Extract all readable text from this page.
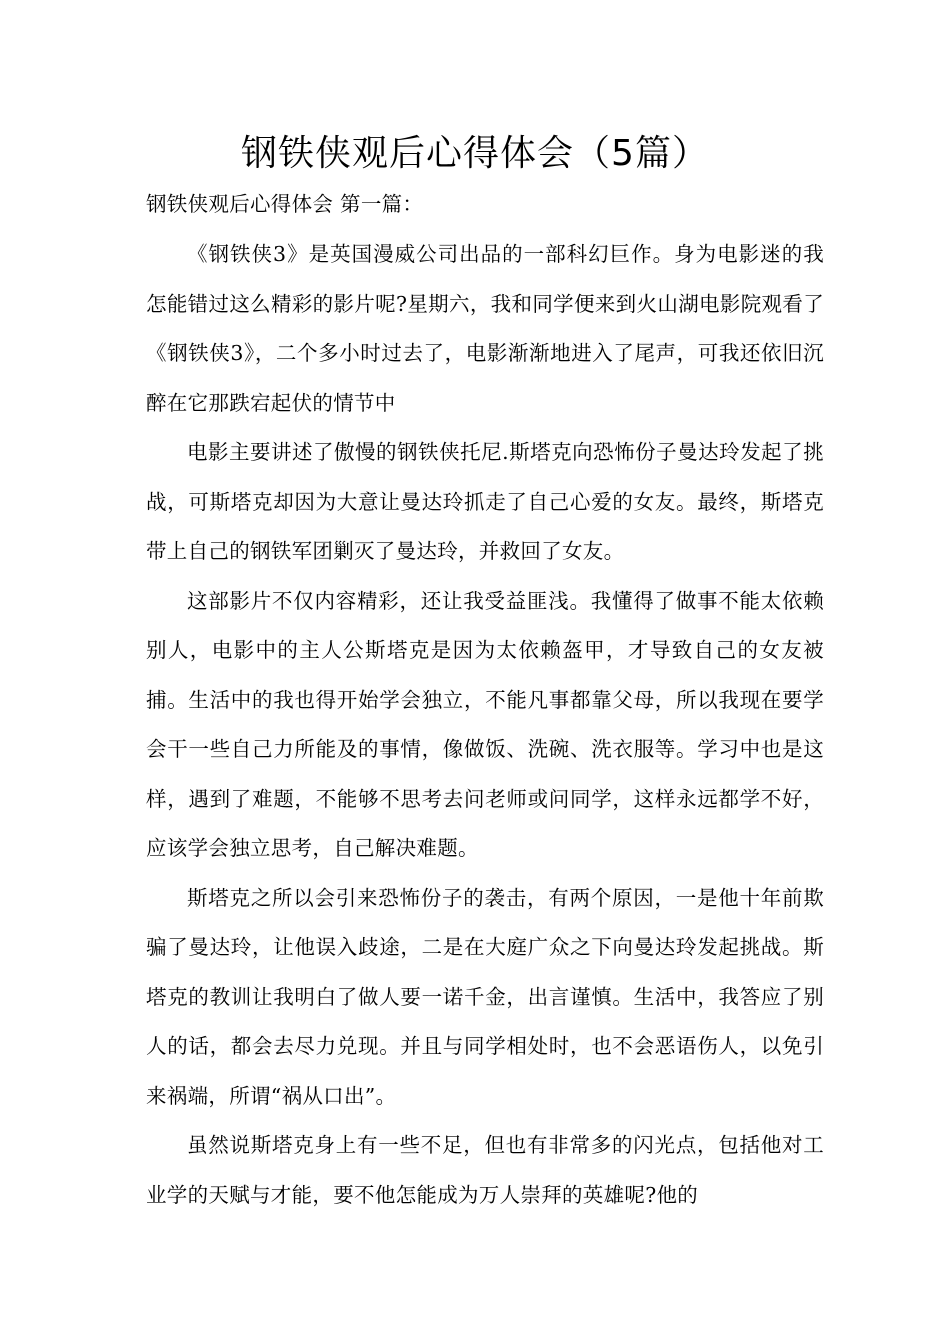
钢铁侠观后心得体会（5篇）

钢铁侠观后心得体会 第一篇：

《钢铁侠3》是英国漫威公司出品的一部科幻巨作。身为电影迷的我怎能错过这么精彩的影片呢?星期六，我和同学便来到火山湖电影院观看了《钢铁侠3》，二个多小时过去了，电影渐渐地进入了尾声，可我还依旧沉醉在它那跌宕起伏的情节中

电影主要讲述了傲慢的钢铁侠托尼.斯塔克向恐怖份子曼达玲发起了挑战，可斯塔克却因为大意让曼达玲抓走了自己心爱的女友。最终，斯塔克带上自己的钢铁军团剿灭了曼达玲，并救回了女友。

这部影片不仅内容精彩，还让我受益匪浅。我懂得了做事不能太依赖别人，电影中的主人公斯塔克是因为太依赖盔甲，才导致自己的女友被捕。生活中的我也得开始学会独立，不能凡事都靠父母，所以我现在要学会干一些自己力所能及的事情，像做饭、洗碗、洗衣服等。学习中也是这样，遇到了难题，不能够不思考去问老师或问同学，这样永远都学不好，应该学会独立思考，自己解决难题。

斯塔克之所以会引来恐怖份子的袭击，有两个原因，一是他十年前欺骗了曼达玲，让他误入歧途，二是在大庭广众之下向曼达玲发起挑战。斯塔克的教训让我明白了做人要一诺千金，出言谨慎。生活中，我答应了别人的话，都会去尽力兑现。并且与同学相处时，也不会恶语伤人，以免引来祸端，所谓“祸从口出”。

虽然说斯塔克身上有一些不足，但也有非常多的闪光点，包括他对工业学的天赋与才能，要不他怎能成为万人崇拜的英雄呢?他的
